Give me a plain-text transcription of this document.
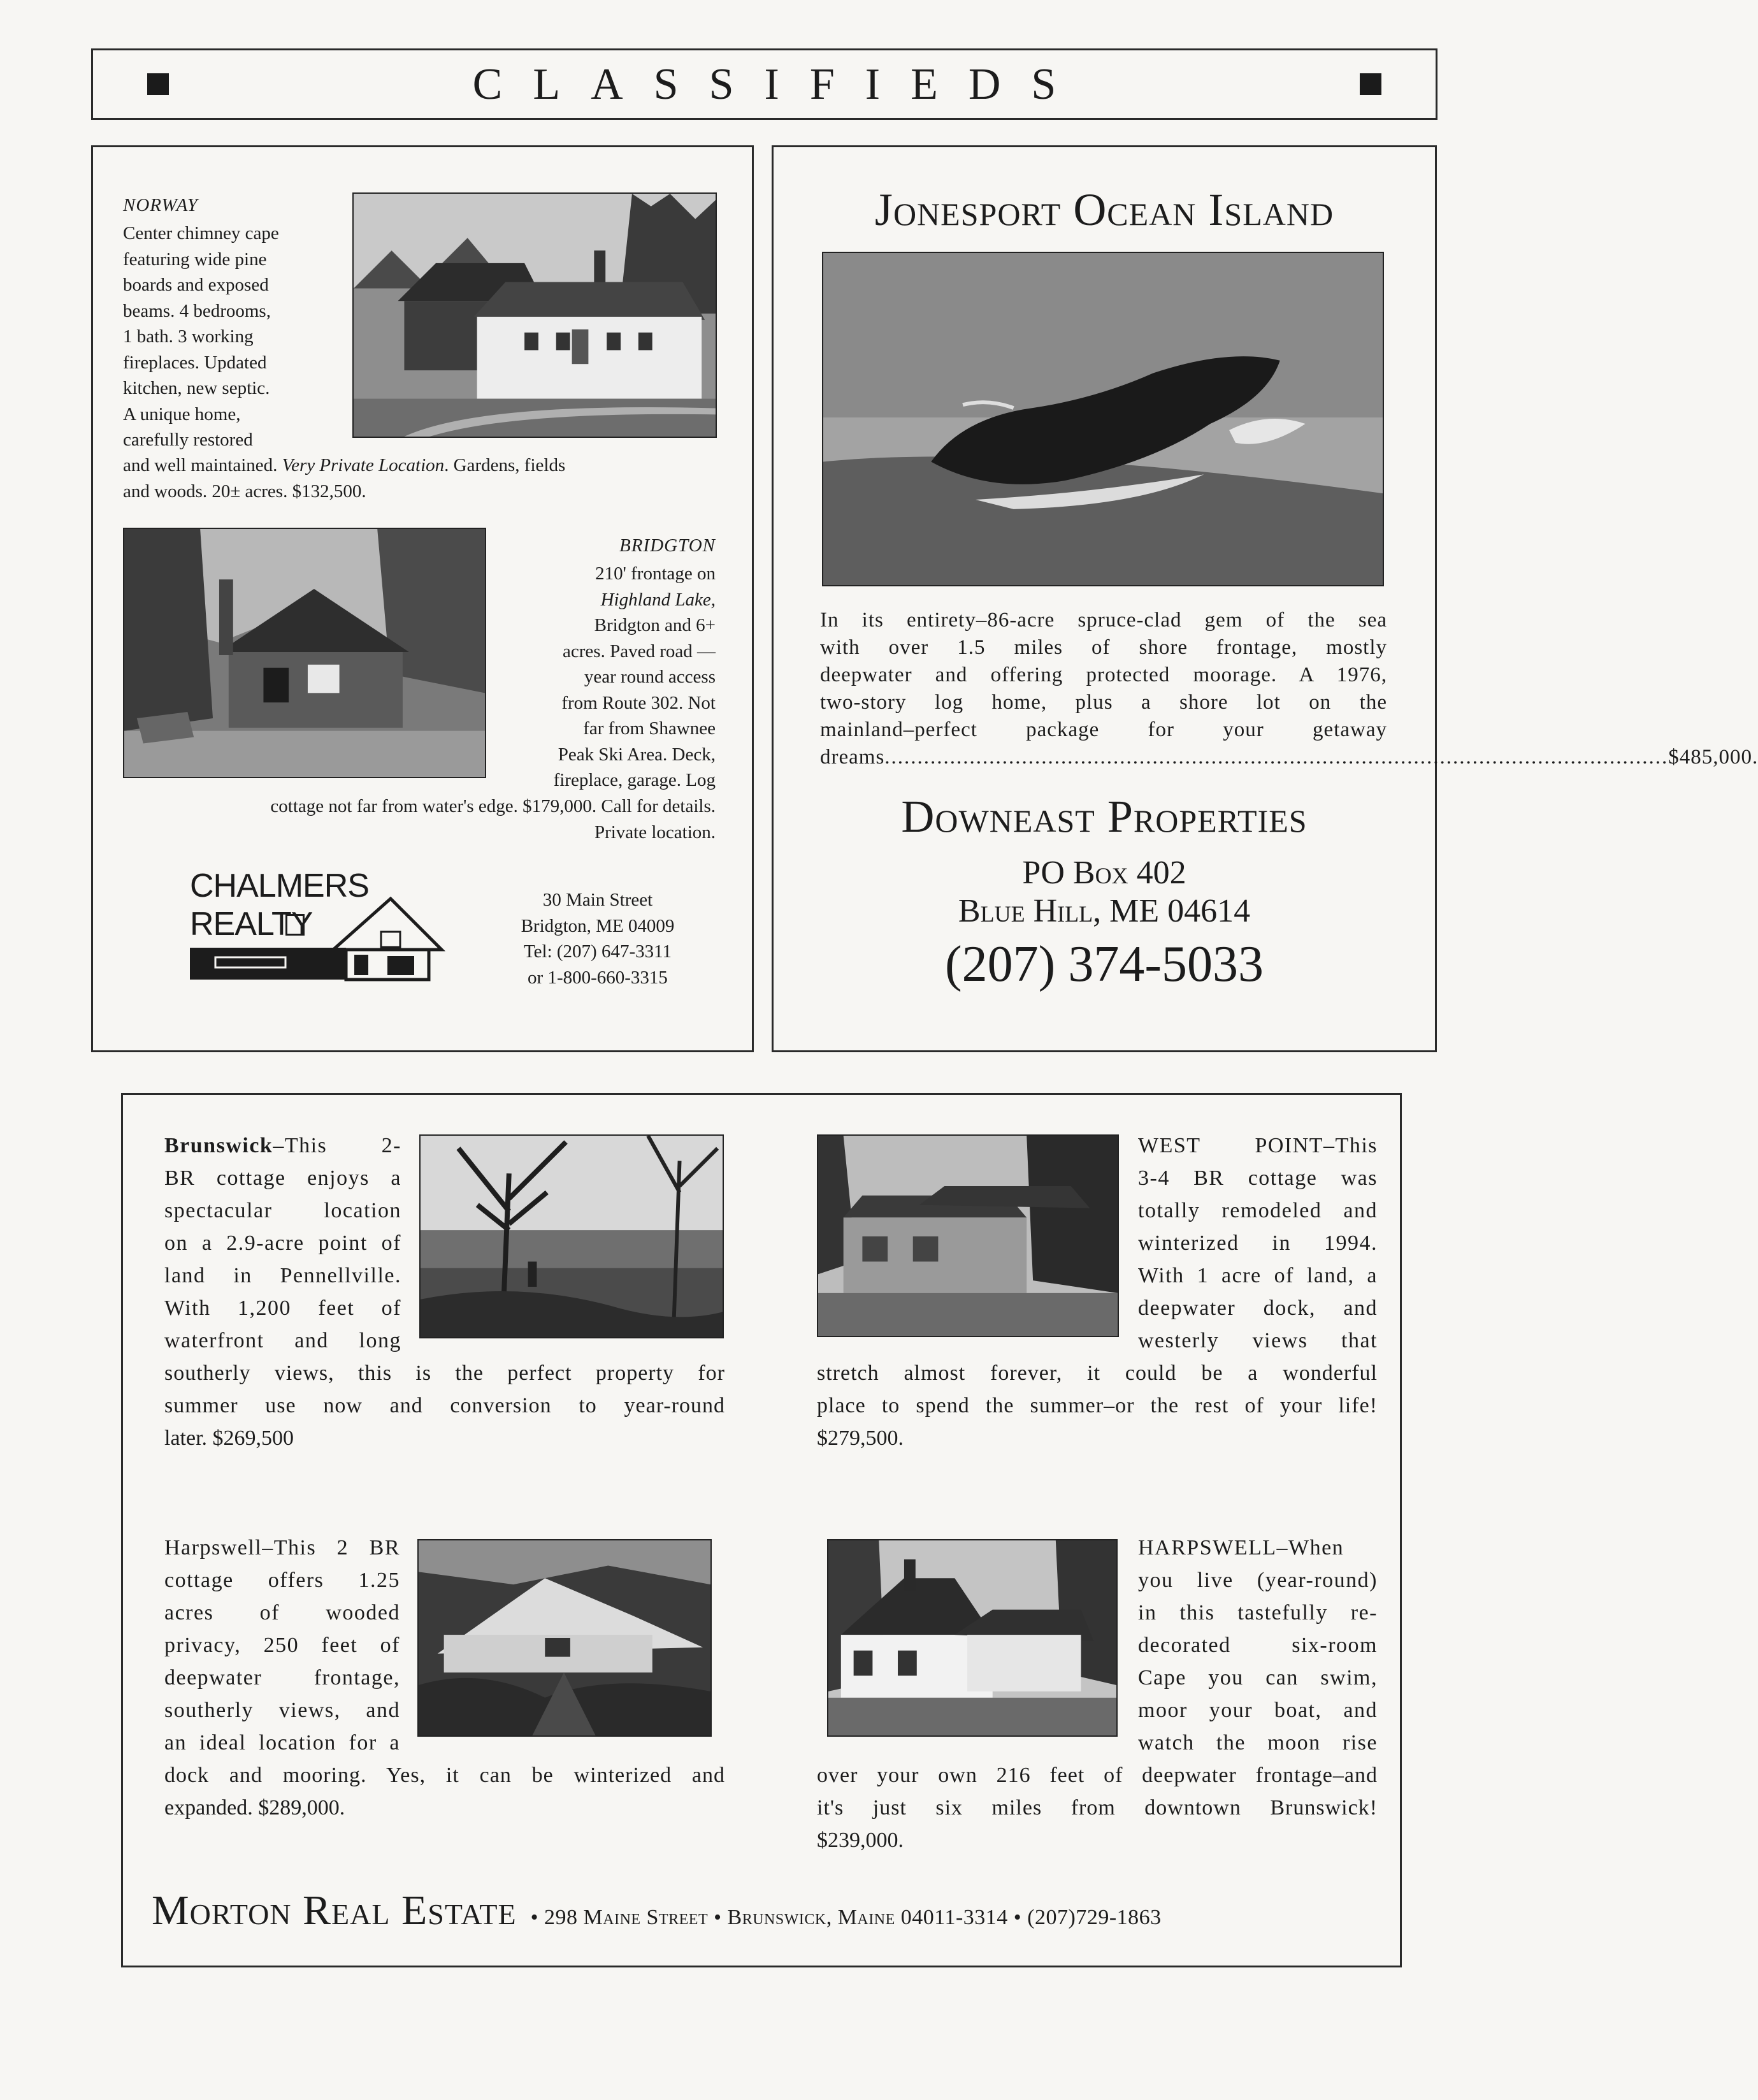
CLASSIFIEDS
NORWAY
Center chimney cape
featuring wide pine
boards and exposed
beams. 4 bedrooms,
1 bath. 3 working
fireplaces. Updated
kitchen, new septic.
A unique home,
carefully restored
and well maintained. Very Private Location. Gardens, fields
and woods. 20± acres. $132,500.
BRIDGTON
210' frontage on
Highland Lake,
Bridgton and 6+
acres. Paved road —
year round access
from Route 302. Not
far from Shawnee
Peak Ski Area. Deck,
fireplace, garage. Log
cottage not far from water's edge. $179,000. Call for details.
Private location.
CHALMERS
REALTY
30 Main Street
Bridgton, ME 04009
Tel: (207) 647-3311
or 1-800-660-3315
Jonesport Ocean Island
In its entirety–86-acre spruce-clad gem of the sea
with over 1.5 miles of shore frontage, mostly
deepwater and offering protected moorage. A 1976,
two-story log home, plus a shore lot on the
mainland–perfect package for your getaway
dreams ........................................................................................................................ $485,000.
Downeast Properties
PO Box 402
Blue Hill, ME 04614
(207) 374-5033
Brunswick–This 2-
BR cottage enjoys a
spectacular location
on a 2.9-acre point of
land in Pennellville.
With 1,200 feet of
waterfront and long
southerly views, this is the perfect property for
summer use now and conversion to year-round
later. $269,500
WEST POINT–This
3-4 BR cottage was
totally remodeled and
winterized in 1994.
With 1 acre of land, a
deepwater dock, and
westerly views that
stretch almost forever, it could be a wonderful
place to spend the summer–or the rest of your life!
$279,500.
Harpswell–This 2 BR
cottage offers 1.25
acres of wooded
privacy, 250 feet of
deepwater frontage,
southerly views, and
an ideal location for a
dock and mooring. Yes, it can be winterized and
expanded. $289,000.
HARPSWELL–When
you live (year-round)
in this tastefully re-
decorated six-room
Cape you can swim,
moor your boat, and
watch the moon rise
over your own 216 feet of deepwater frontage–and
it's just six miles from downtown Brunswick!
$239,000.
Morton Real Estate • 298 Maine Street • Brunswick, Maine 04011-3314 • (207)729-1863
